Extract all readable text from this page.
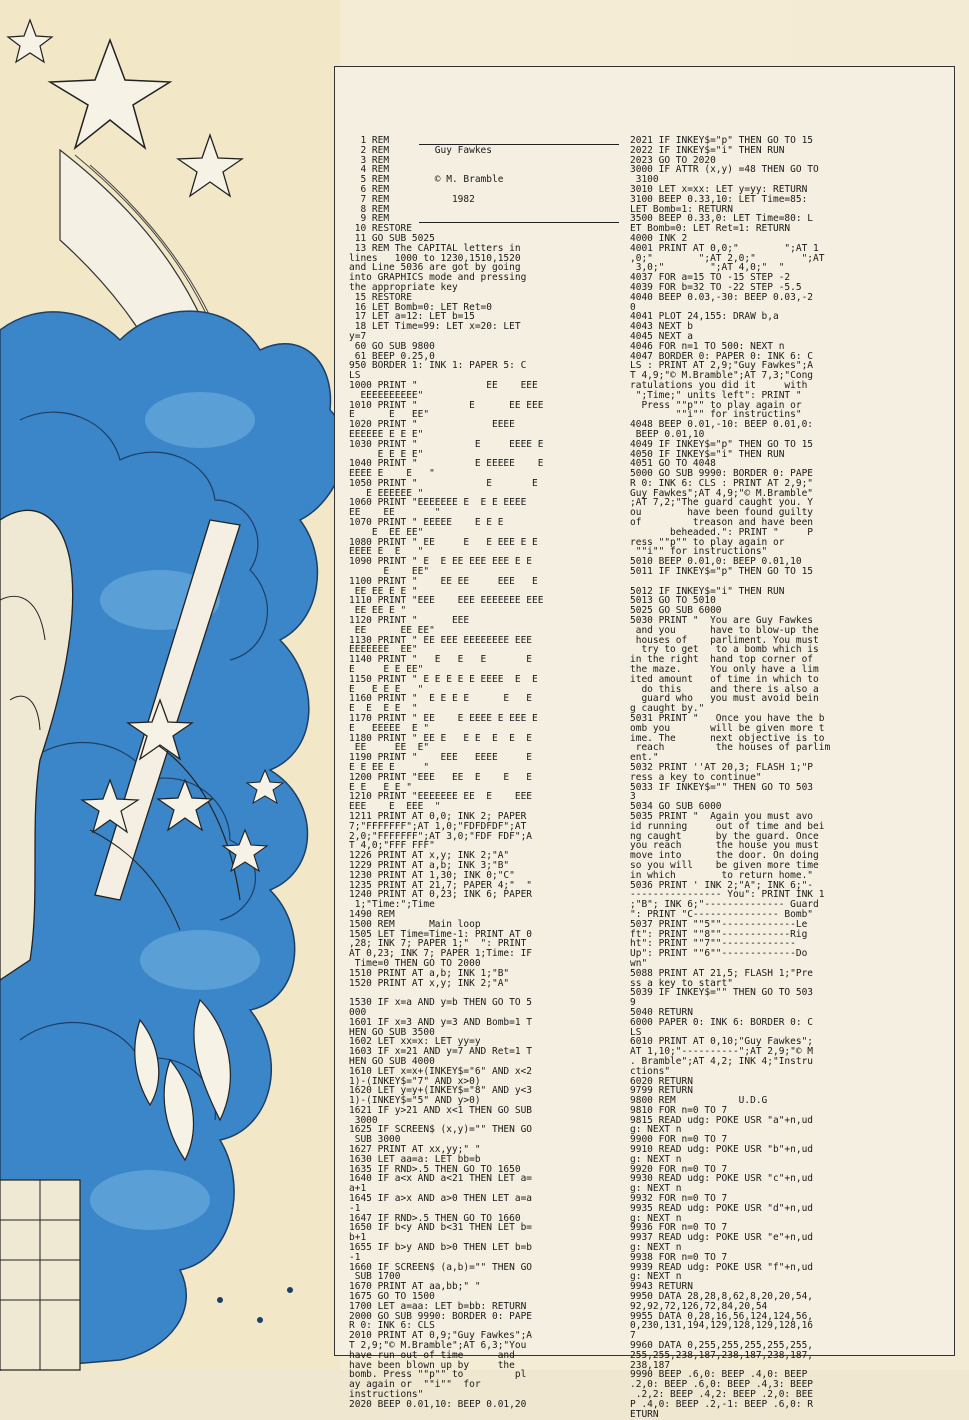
1 REM
2 REM        Guy Fawkes
3 REM
4 REM
5 REM        © M. Bramble
6 REM
7 REM           1982
8 REM
9 REM
10 RESTORE
11 GO SUB 5025
13 REM The CAPITAL letters in
lines   1000 to 1230,1510,1520
and Line 5036 are got by going
into GRAPHICS mode and pressing
the appropriate key
15 RESTORE
16 LET Bomb=0: LET Ret=0
17 LET a=12: LET b=15
18 LET Time=99: LET x=20: LET
y=7
60 GO SUB 9800
61 BEEP 0.25,0
950 BORDER 1: INK 1: PAPER 5: C
LS
1000 PRINT "            EE    EEE
EEEEEEEEEE"
1010 PRINT "         E      EE EEE
E      E   EE"
1020 PRINT "             EEEE
EEEEEE E E E"
1030 PRINT "          E     EEEE E
E E E E"
1040 PRINT "          E EEEEE    E
EEEE E    E   "
1050 PRINT "            E       E
E EEEEEE "
1060 PRINT "EEEEEEE E  E E EEEE
EE    EE       "
1070 PRINT " EEEEE    E E E
E  EE EE"
1080 PRINT " EE     E   E EEE E E
EEEE E  E   "
1090 PRINT " E  E EE EEE EEE E E
E    EE"
1100 PRINT "    EE EE     EEE   E
EE EE E E "
1110 PRINT "EEE    EEE EEEEEEE EEE
EE EE E "
1120 PRINT "      EEE
EE      EE EE"
1130 PRINT " EE EEE EEEEEEEE EEE
EEEEEEE  EE"
1140 PRINT "   E   E   E       E
E     E E EE"
1150 PRINT " E E E E E EEEE  E  E
E   E E E   "
1160 PRINT "  E E E E      E   E
E  E  E E  "
1170 PRINT " EE    E EEEE E EEE E
E   EEEEE  E "
1180 PRINT " EE E   E E  E  E  E
EE     EE  E"
1190 PRINT "    EEE   EEEE     E
E E EE E     "
1200 PRINT "EEE   EE  E    E   E
E E   E E "
1210 PRINT "EEEEEEE EE  E    EEE
EEE    E  EEE  "
1211 PRINT AT 0,0; INK 2; PAPER
7;"FFFFFFF";AT 1,0;"FDFDFDF";AT
2,0;"FFFFFFF";AT 3,0;"FDF FDF";A
T 4,0;"FFF FFF"
1226 PRINT AT x,y; INK 2;"A"
1229 PRINT AT a,b; INK 3;"B"
1230 PRINT AT 1,30; INK 0;"C"
1235 PRINT AT 21,7; PAPER 4;"  "
1240 PRINT AT 0,23; INK 6; PAPER
1;"Time:";Time
1490 REM
1500 REM      Main loop
1505 LET Time=Time-1: PRINT AT 0
,28; INK 7; PAPER 1;"  ": PRINT
AT 0,23; INK 7; PAPER 1;Time: IF
Time=0 THEN GO TO 2000
1510 PRINT AT a,b; INK 1;"B"
1520 PRINT AT x,y; INK 2;"A"
1530 IF x=a AND y=b THEN GO TO 5
000
1601 IF x=3 AND y=3 AND Bomb=1 T
HEN GO SUB 3500
1602 LET xx=x: LET yy=y
1603 IF x=21 AND y=7 AND Ret=1 T
HEN GO SUB 4000
1610 LET x=x+(INKEY$="6" AND x<2
1)-(INKEY$="7" AND x>0)
1620 LET y=y+(INKEY$="8" AND y<3
1)-(INKEY$="5" AND y>0)
1621 IF y>21 AND x<1 THEN GO SUB
3000
1625 IF SCREEN$ (x,y)="" THEN GO
SUB 3000
1627 PRINT AT xx,yy;" "
1630 LET aa=a: LET bb=b
1635 IF RND>.5 THEN GO TO 1650
1640 IF a<x AND a<21 THEN LET a=
a+1
1645 IF a>x AND a>0 THEN LET a=a
-1
1647 IF RND>.5 THEN GO TO 1660
1650 IF b<y AND b<31 THEN LET b=
b+1
1655 IF b>y AND b>0 THEN LET b=b
-1
1660 IF SCREEN$ (a,b)="" THEN GO
SUB 1700
1670 PRINT AT aa,bb;" "
1675 GO TO 1500
1700 LET a=aa: LET b=bb: RETURN
2000 GO SUB 9990: BORDER 0: PAPE
R 0: INK 6: CLS
2010 PRINT AT 0,9;"Guy Fawkes";A
T 2,9;"© M.Bramble";AT 6,3;"You
have run out of time      and
have been blown up by     the
bomb. Press ""p"" to         pl
ay again or  ""i""  for
instructions"
2020 BEEP 0.01,10: BEEP 0.01,20
2021 IF INKEY$="p" THEN GO TO 15
2022 IF INKEY$="i" THEN RUN
2023 GO TO 2020
3000 IF ATTR (x,y) =48 THEN GO TO
3100
3010 LET x=xx: LET y=yy: RETURN
3100 BEEP 0.33,10: LET Time=85:
LET Bomb=1: RETURN
3500 BEEP 0.33,0: LET Time=80: L
ET Bomb=0: LET Ret=1: RETURN
4000 INK 2
4001 PRINT AT 0,0;"        ";AT 1
,0;"        ";AT 2,0;"        ";AT
3,0;"        ";AT 4,0;"  "
4037 FOR a=15 TO -15 STEP -2
4039 FOR b=32 TO -22 STEP -5.5
4040 BEEP 0.03,-30: BEEP 0.03,-2
0
4041 PLOT 24,155: DRAW b,a
4043 NEXT b
4045 NEXT a
4046 FOR n=1 TO 500: NEXT n
4047 BORDER 0: PAPER 0: INK 6: C
LS : PRINT AT 2,9;"Guy Fawkes";A
T 4,9;"© M.Bramble";AT 7,3;"Cong
ratulations you did it     with
";Time;" units left": PRINT "
Press ""p"" to play again or
""i"" for instructins"
4048 BEEP 0.01,-10: BEEP 0.01,0:
BEEP 0.01,10
4049 IF INKEY$="p" THEN GO TO 15
4050 IF INKEY$="i" THEN RUN
4051 GO TO 4048
5000 GO SUB 9990: BORDER 0: PAPE
R 0: INK 6: CLS : PRINT AT 2,9;"
Guy Fawkes";AT 4,9;"© M.Bramble"
;AT 7,2;"The guard caught you. Y
ou        have been found guilty
of         treason and have been
beheaded.": PRINT "     P
ress ""p"" to play again or
""i"" for instructions"
5010 BEEP 0.01,0: BEEP 0.01,10
5011 IF INKEY$="p" THEN GO TO 15
5012 IF INKEY$="i" THEN RUN
5013 GO TO 5010
5025 GO SUB 6000
5030 PRINT "  You are Guy Fawkes
and you      have to blow-up the
houses of    parliment. You must
try to get   to a bomb which is
in the right  hand top corner of
the maze.     You only have a lim
ited amount   of time in which to
do this     and there is also a
guard who   you must avoid bein
g caught by."
5031 PRINT "   Once you have the b
omb you       will be given more t
ime. The      next objective is to
reach         the houses of parlim
ent."
5032 PRINT ''AT 20,3; FLASH 1;"P
ress a key to continue"
5033 IF INKEY$="" THEN GO TO 503
3
5034 GO SUB 6000
5035 PRINT "  Again you must avo
id running     out of time and bei
ng caught      by the guard. Once
you reach      the house you must
move into      the door. On doing
so you will    be given more time
in which        to return home."
5036 PRINT ' INK 2;"A"; INK 6;"-
---------------- You": PRINT INK 1
;"B"; INK 6;"-------------- Guard
": PRINT "C--------------- Bomb"
5037 PRINT ""5""-------------Le
ft": PRINT ""8""------------Rig
ht": PRINT ""7""-------------
Up": PRINT ""6""-------------Do
wn"
5088 PRINT AT 21,5; FLASH 1;"Pre
ss a key to start"
5039 IF INKEY$="" THEN GO TO 503
9
5040 RETURN
6000 PAPER 0: INK 6: BORDER 0: C
LS
6010 PRINT AT 0,10;"Guy Fawkes";
AT 1,10;"----------";AT 2,9;"© M
. Bramble";AT 4,2; INK 4;"Instru
ctions"
6020 RETURN
9799 RETURN
9800 REM           U.D.G
9810 FOR n=0 TO 7
9815 READ udg: POKE USR "a"+n,ud
g: NEXT n
9900 FOR n=0 TO 7
9910 READ udg: POKE USR "b"+n,ud
g: NEXT n
9920 FOR n=0 TO 7
9930 READ udg: POKE USR "c"+n,ud
g: NEXT n
9932 FOR n=0 TO 7
9935 READ udg: POKE USR "d"+n,ud
g: NEXT n
9936 FOR n=0 TO 7
9937 READ udg: POKE USR "e"+n,ud
g: NEXT n
9938 FOR n=0 TO 7
9939 READ udg: POKE USR "f"+n,ud
g: NEXT n
9943 RETURN
9950 DATA 28,28,8,62,8,20,20,54,
92,92,72,126,72,84,20,54
9955 DATA 0,28,16,56,124,124,56,
0,230,131,194,129,128,129,128,16
7
9960 DATA 0,255,255,255,255,255,
255,255,238,187,238,187,238,187,
238,187
9990 BEEP .6,0: BEEP .4,0: BEEP
.2,0: BEEP .6,0: BEEP .4,3: BEEP
.2,2: BEEP .4,2: BEEP .2,0: BEE
P .4,0: BEEP .2,-1: BEEP .6,0: R
ETURN
